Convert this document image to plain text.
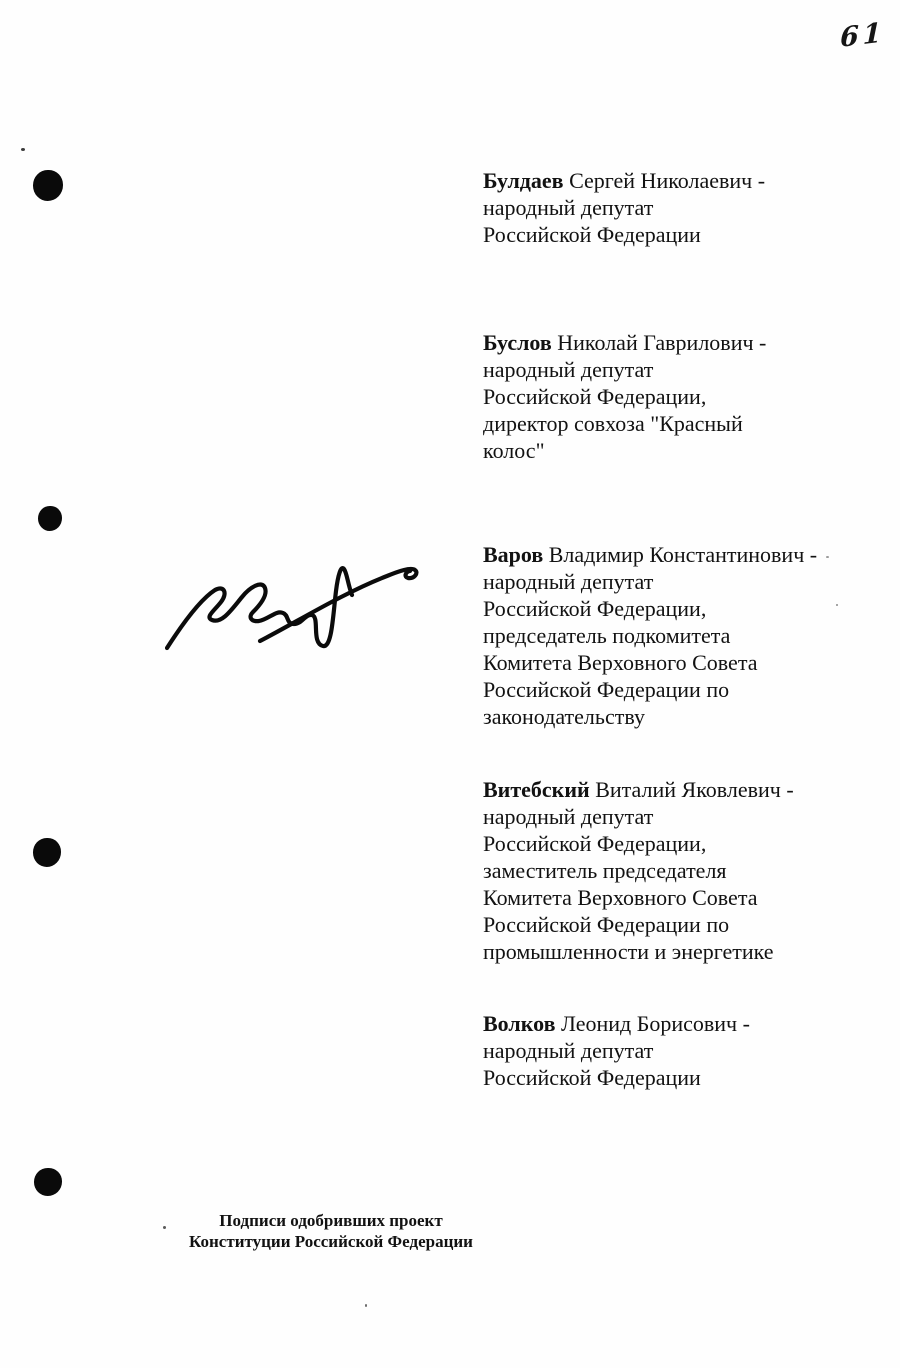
61
Булдаев Сергей Николаевич -
народный депутат
Российской Федерации
Буслов Николай Гаврилович -
народный депутат
Российской Федерации,
директор совхоза "Красный
колос"
Варов Владимир Константинович -
народный депутат
Российской Федерации,
председатель подкомитета
Комитета Верховного Совета
Российской Федерации по
законодательству
Витебский Виталий Яковлевич -
народный депутат
Российской Федерации,
заместитель председателя
Комитета Верховного Совета
Российской Федерации по
промышленности и энергетике
Волков Леонид Борисович -
народный депутат
Российской Федерации
Подписи одобривших проект
Конституции Российской Федерации
